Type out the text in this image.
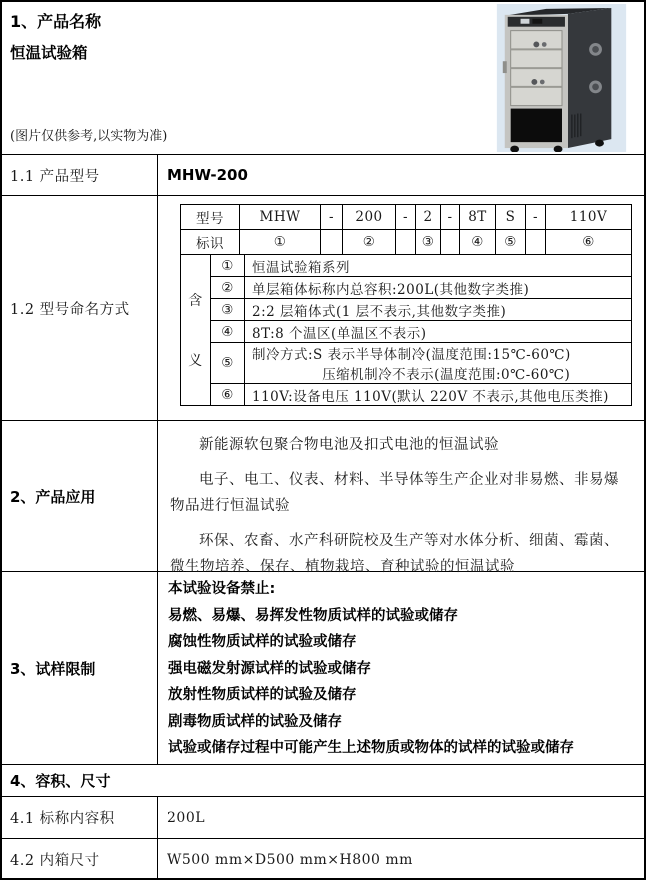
1、产品名称
恒温试验箱
(图片仅供参考,以实物为准)
1.1 产品型号	MHW-200
1.2 型号命名方式
型号	MHW	-	200	-	2	-	8T	S	-	110V
标识	①		②		③		④	⑤		⑥
含
义	①	恒温试验箱系列
	②	单层箱体标称内总容积:200L(其他数字类推)
	③	2:2 层箱体式(1 层不表示,其他数字类推)
	④	8T:8 个温区(单温区不表示)
	⑤	制冷方式:S 表示半导体制冷(温度范围:15℃-60℃)
压缩机制冷不表示(温度范围:0℃-60℃)

	⑥	110V:设备电压 110V(默认 220V 不表示,其他电压类推)
2、产品应用

新能源软包聚合物电池及扣式电池的恒温试验

电子、电工、仪表、材料、半导体等生产企业对非易燃、非易爆物品进行恒温试验

环保、农畜、水产科研院校及生产等对水体分析、细菌、霉菌、微生物培养、保存、植物栽培、育种试验的恒温试验

3、试样限制
本试验设备禁止:
易燃、易爆、易挥发性物质试样的试验或储存
腐蚀性物质试样的试验或储存
强电磁发射源试样的试验或储存
放射性物质试样的试验及储存
剧毒物质试样的试验及储存
试验或储存过程中可能产生上述物质或物体的试样的试验或储存
4、容积、尺寸
4.1 标称内容积	200L
4.2 内箱尺寸	W500 mm×D500 mm×H800 mm
